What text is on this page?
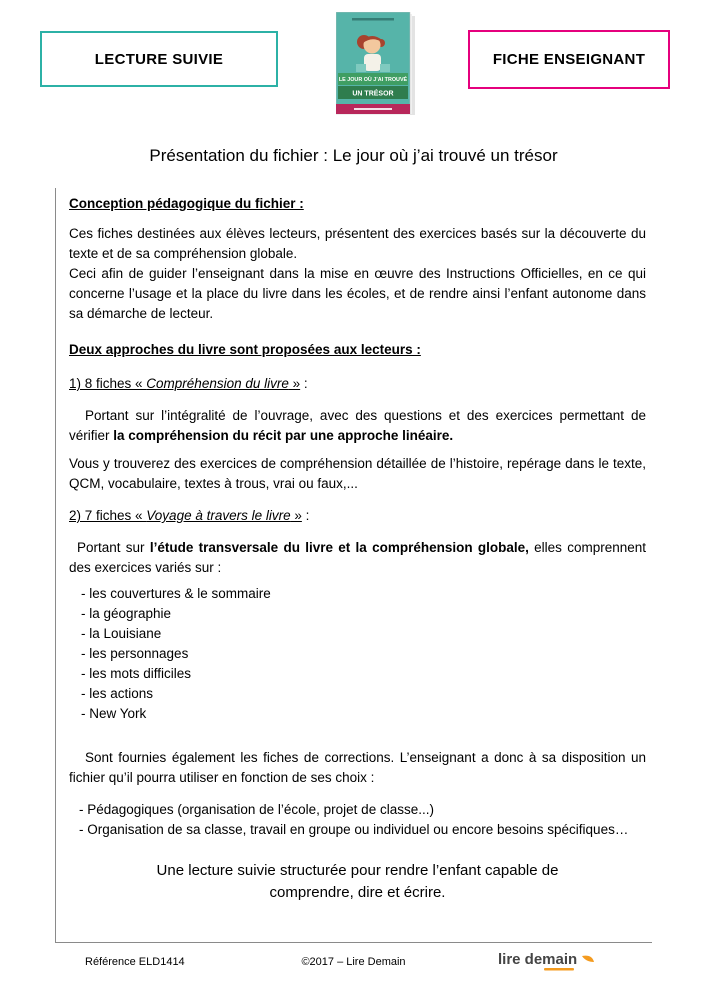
LECTURE SUIVIE
LE JOUR OÙ J’AI TROUVÉ
UN TRÉSOR
FICHE ENSEIGNANT
Présentation du fichier : Le jour où j’ai trouvé un trésor
Conception pédagogique du fichier :
Ces fiches destinées aux élèves lecteurs, présentent des exercices basés sur la découverte du texte et de sa compréhension globale.
Ceci afin de guider l’enseignant dans la mise en œuvre des Instructions Officielles, en ce qui concerne l’usage et la place du livre dans les écoles, et de rendre ainsi l’enfant autonome dans sa démarche de lecteur.
Deux approches du livre sont proposées aux lecteurs :
1) 8 fiches « Compréhension du livre » :
Portant sur l’intégralité de l’ouvrage, avec des questions et des exercices permettant de vérifier la compréhension du récit par une approche linéaire.
Vous y trouverez des exercices de compréhension détaillée de l’histoire, repérage dans le texte, QCM, vocabulaire, textes à trous, vrai ou faux,...
2) 7 fiches « Voyage à travers le livre » :
Portant sur l’étude transversale du livre et la compréhension globale, elles comprennent des exercices variés sur :
- les couvertures & le sommaire
- la géographie
- la Louisiane
- les personnages
- les mots difficiles
- les actions
- New York
Sont fournies également les fiches de corrections. L’enseignant a donc à sa disposition un fichier qu’il pourra utiliser en fonction de ses choix :
- Pédagogiques (organisation de l’école, projet de classe...)
- Organisation de sa classe, travail en groupe ou individuel ou encore besoins spécifiques…
Une lecture suivie structurée pour rendre l’enfant capable de comprendre, dire et écrire.
Référence ELD1414	©2017 – Lire Demain	lire demain
